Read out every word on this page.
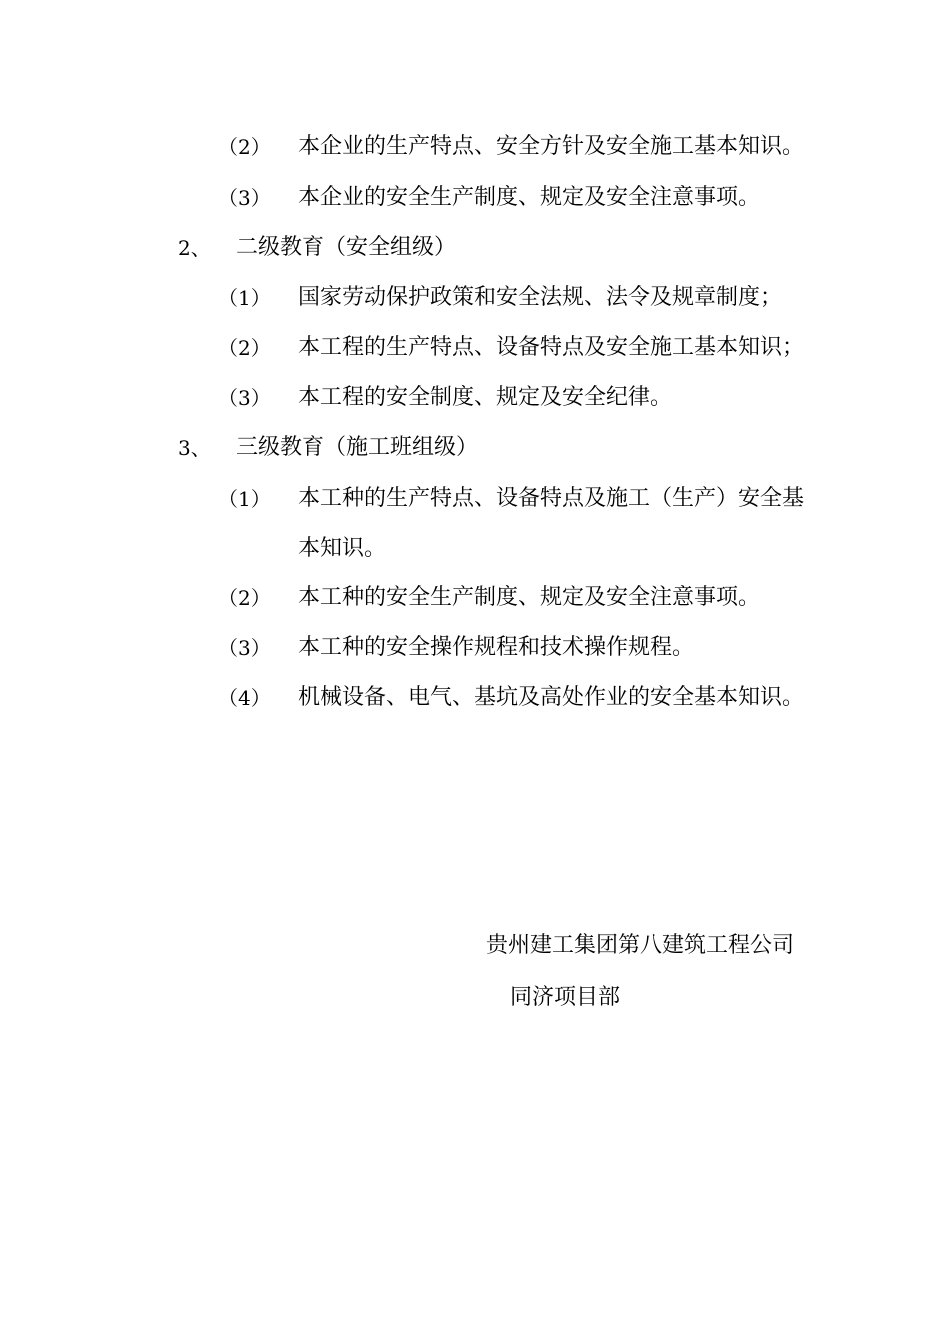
（2） 本企业的生产特点、安全方针及安全施工基本知识。
（3） 本企业的安全生产制度、规定及安全注意事项。
2、 二级教育（安全组级）
（1） 国家劳动保护政策和安全法规、法令及规章制度；
（2） 本工程的生产特点、设备特点及安全施工基本知识；
（3） 本工程的安全制度、规定及安全纪律。
3、 三级教育（施工班组级）
（1） 本工种的生产特点、设备特点及施工（生产）安全基
本知识。
（2） 本工种的安全生产制度、规定及安全注意事项。
（3） 本工种的安全操作规程和技术操作规程。
（4） 机械设备、电气、基坑及高处作业的安全基本知识。
贵州建工集团第八建筑工程公司
同济项目部
